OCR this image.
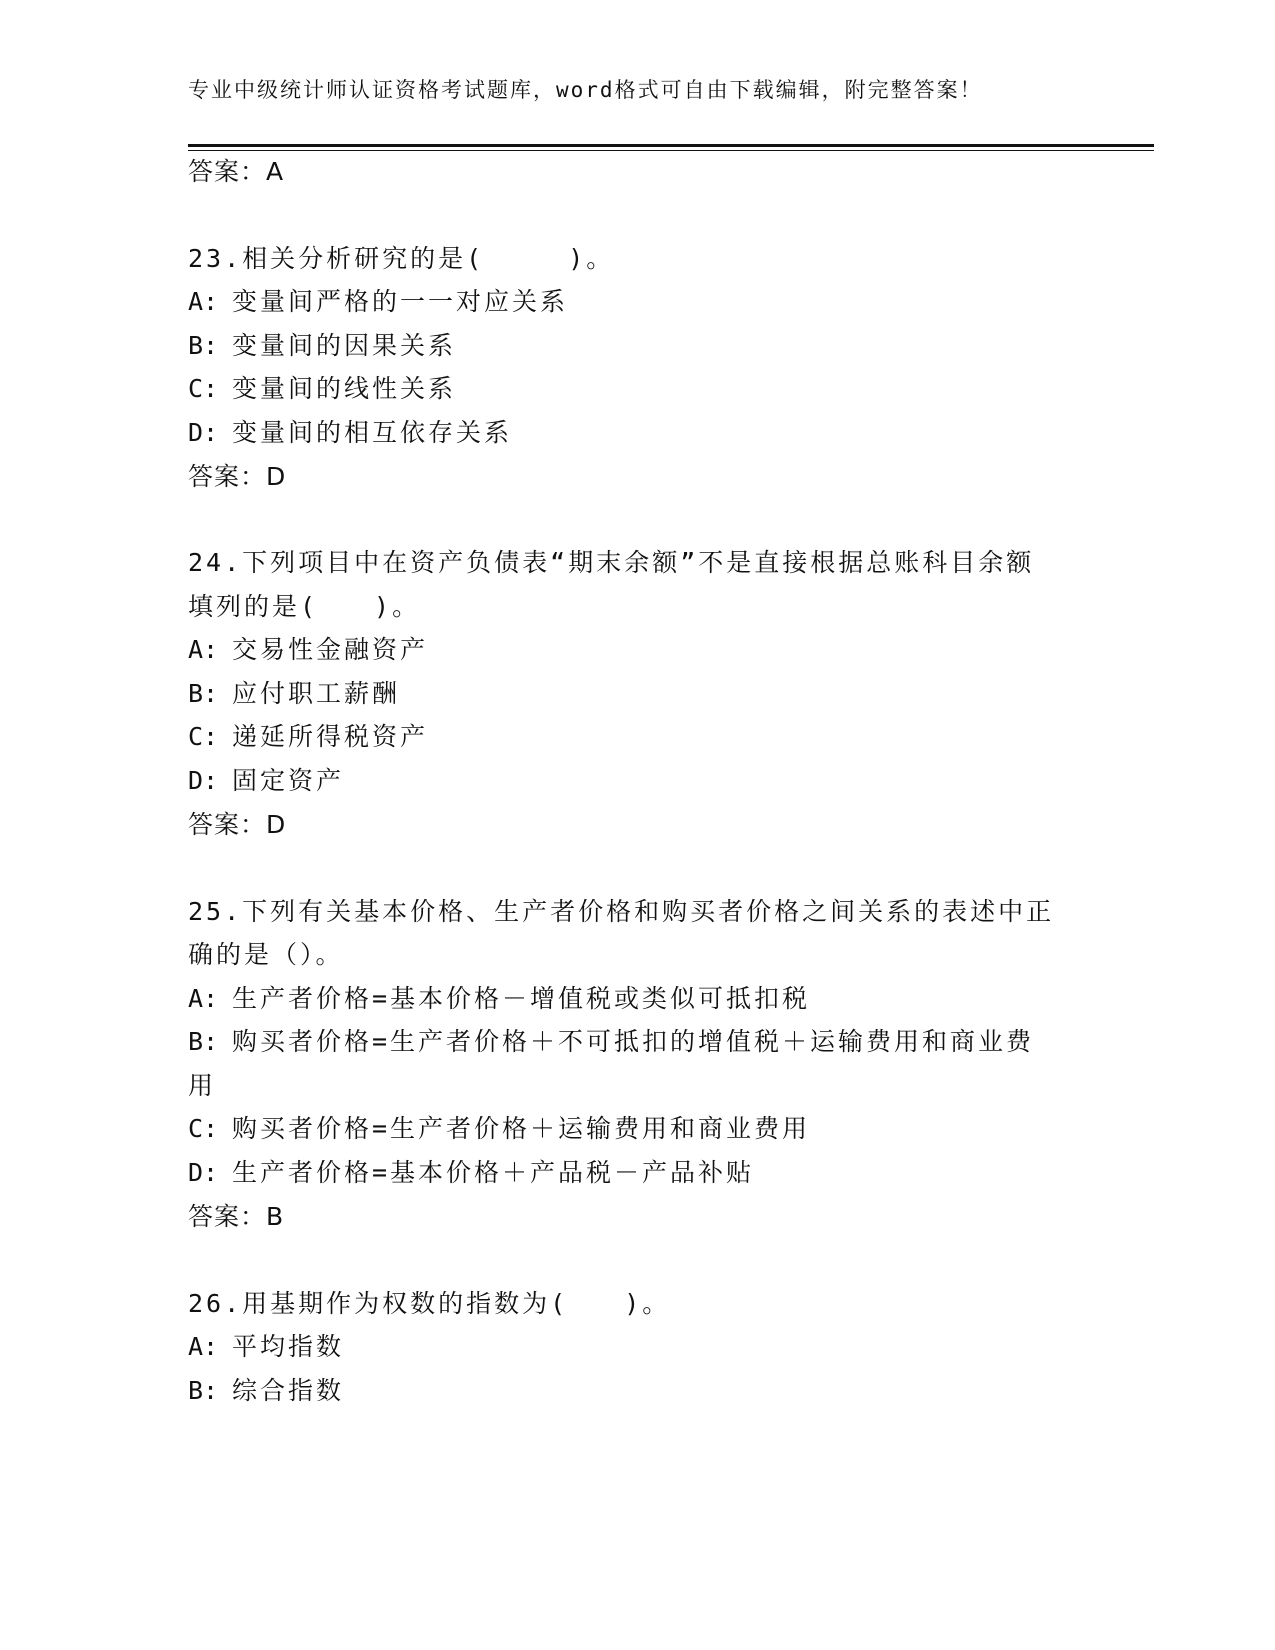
专业中级统计师认证资格考试题库，word格式可自由下载编辑，附完整答案！
答案：A
23.相关分析研究的是(　　　)。
A: 变量间严格的一一对应关系
B: 变量间的因果关系
C: 变量间的线性关系
D: 变量间的相互依存关系
答案：D
24.下列项目中在资产负债表“期末余额”不是直接根据总账科目余额
填列的是(　　)。
A: 交易性金融资产
B: 应付职工薪酬
C: 递延所得税资产
D: 固定资产
答案：D
25.下列有关基本价格、生产者价格和购买者价格之间关系的表述中正
确的是（）。
A: 生产者价格=基本价格－增值税或类似可抵扣税
B: 购买者价格=生产者价格＋不可抵扣的增值税＋运输费用和商业费
用
C: 购买者价格=生产者价格＋运输费用和商业费用
D: 生产者价格=基本价格＋产品税－产品补贴
答案：B
26.用基期作为权数的指数为(　　)。
A: 平均指数
B: 综合指数
